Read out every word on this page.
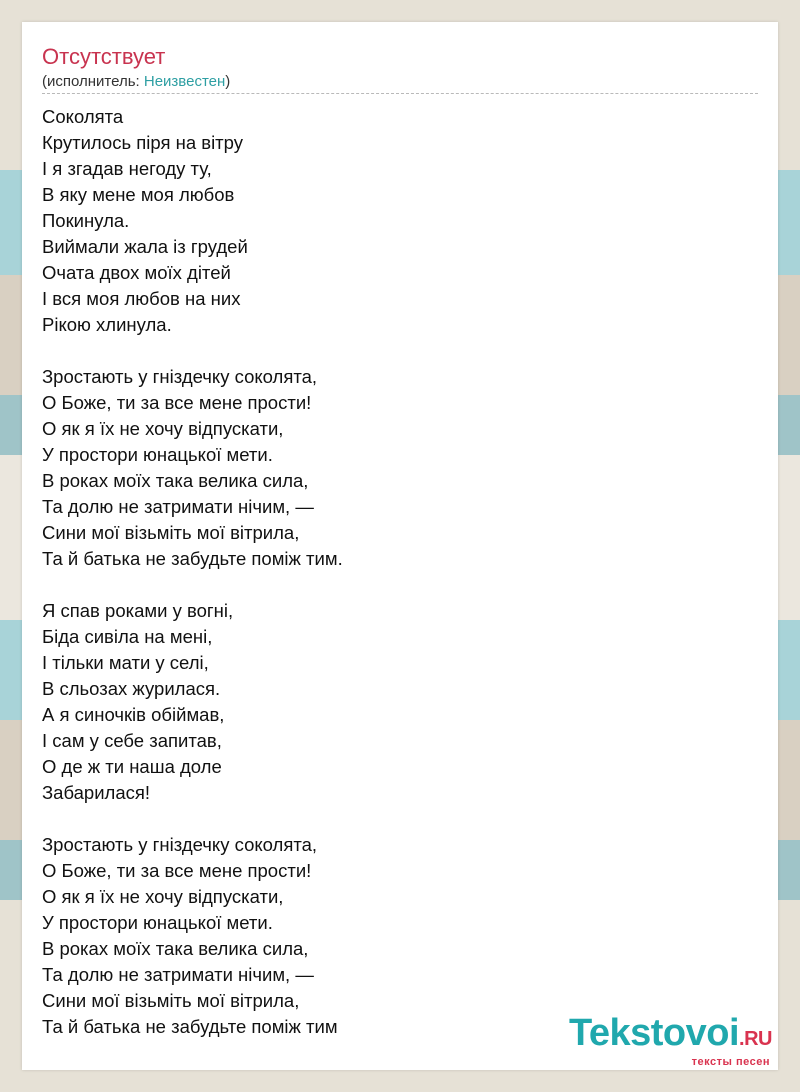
Отсутствует
(исполнитель: Неизвестен)
Соколята
Крутилось піря на вітру
І я згадав негоду ту,
В яку мене моя любов
Покинула.
Виймали жала із грудей
Очата двох моїх дітей
І вся моя любов на них
Рікою хлинула.
Зростають у гніздечку соколята,
О Боже, ти за все мене прости!
О як я їх не хочу відпускати,
У простори юнацької мети.
В роках моїх така велика сила,
Та долю не затримати нічим, —
Сини мої візьміть мої вітрила,
Та й батька не забудьте поміж тим.
Я спав роками у вогні,
Біда сивіла на мені,
І тільки мати у селі,
В сльозах журилася.
А я синочків обіймав,
І сам у себе запитав,
О де ж ти наша доле
Забарилася!
Зростають у гніздечку соколята,
О Боже, ти за все мене прости!
О як я їх не хочу відпускати,
У простори юнацької мети.
В роках моїх така велика сила,
Та долю не затримати нічим, —
Сини мої візьміть мої вітрила,
Та й батька не забудьте поміж тим	Tekstovoi.RU
тексты песен
